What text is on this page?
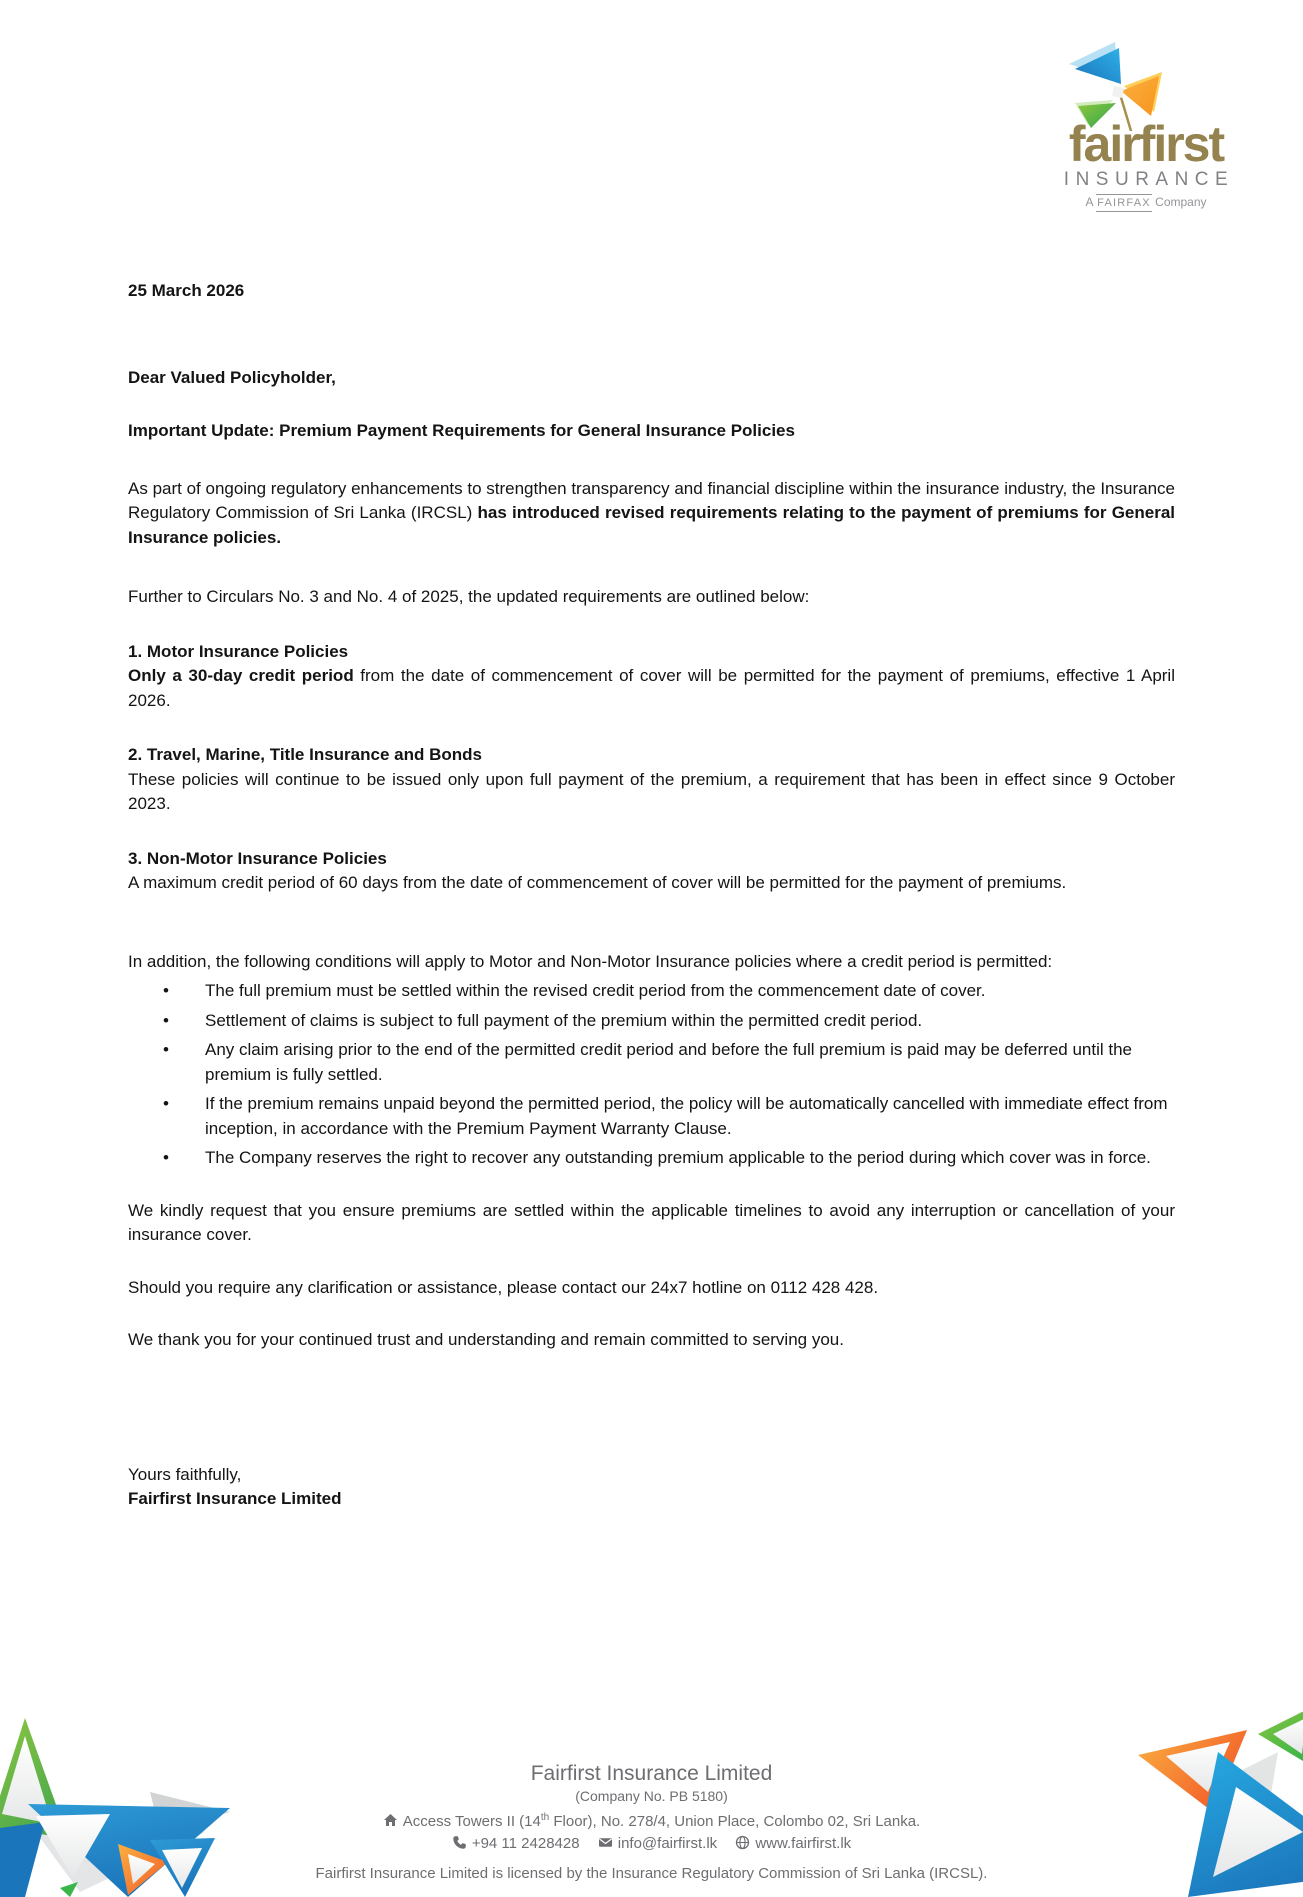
fairfirst
INSURANCE
A FAIRFAX Company
25 March 2026
Dear Valued Policyholder,
Important Update: Premium Payment Requirements for General Insurance Policies
As part of ongoing regulatory enhancements to strengthen transparency and financial discipline within the insurance industry, the Insurance Regulatory Commission of Sri Lanka (IRCSL) has introduced revised requirements relating to the payment of premiums for General Insurance policies.
Further to Circulars No. 3 and No. 4 of 2025, the updated requirements are outlined below:
1. Motor Insurance Policies
Only a 30-day credit period from the date of commencement of cover will be permitted for the payment of premiums, effective 1 April 2026.
2. Travel, Marine, Title Insurance and Bonds
These policies will continue to be issued only upon full payment of the premium, a requirement that has been in effect since 9 October 2023.
3. Non-Motor Insurance Policies
A maximum credit period of 60 days from the date of commencement of cover will be permitted for the payment of premiums.
In addition, the following conditions will apply to Motor and Non-Motor Insurance policies where a credit period is permitted:
• The full premium must be settled within the revised credit period from the commencement date of cover.
• Settlement of claims is subject to full payment of the premium within the permitted credit period.
• Any claim arising prior to the end of the permitted credit period and before the full premium is paid may be deferred until the premium is fully settled.
• If the premium remains unpaid beyond the permitted period, the policy will be automatically cancelled with immediate effect from inception, in accordance with the Premium Payment Warranty Clause.
• The Company reserves the right to recover any outstanding premium applicable to the period during which cover was in force.
We kindly request that you ensure premiums are settled within the applicable timelines to avoid any interruption or cancellation of your insurance cover.
Should you require any clarification or assistance, please contact our 24x7 hotline on 0112 428 428.
We thank you for your continued trust and understanding and remain committed to serving you.
Yours faithfully,
Fairfirst Insurance Limited
Fairfirst Insurance Limited
(Company No. PB 5180)
Access Towers II (14th Floor), No. 278/4, Union Place, Colombo 02, Sri Lanka.
+94 11 2428428	info@fairfirst.lk	www.fairfirst.lk
Fairfirst Insurance Limited is licensed by the Insurance Regulatory Commission of Sri Lanka (IRCSL).
